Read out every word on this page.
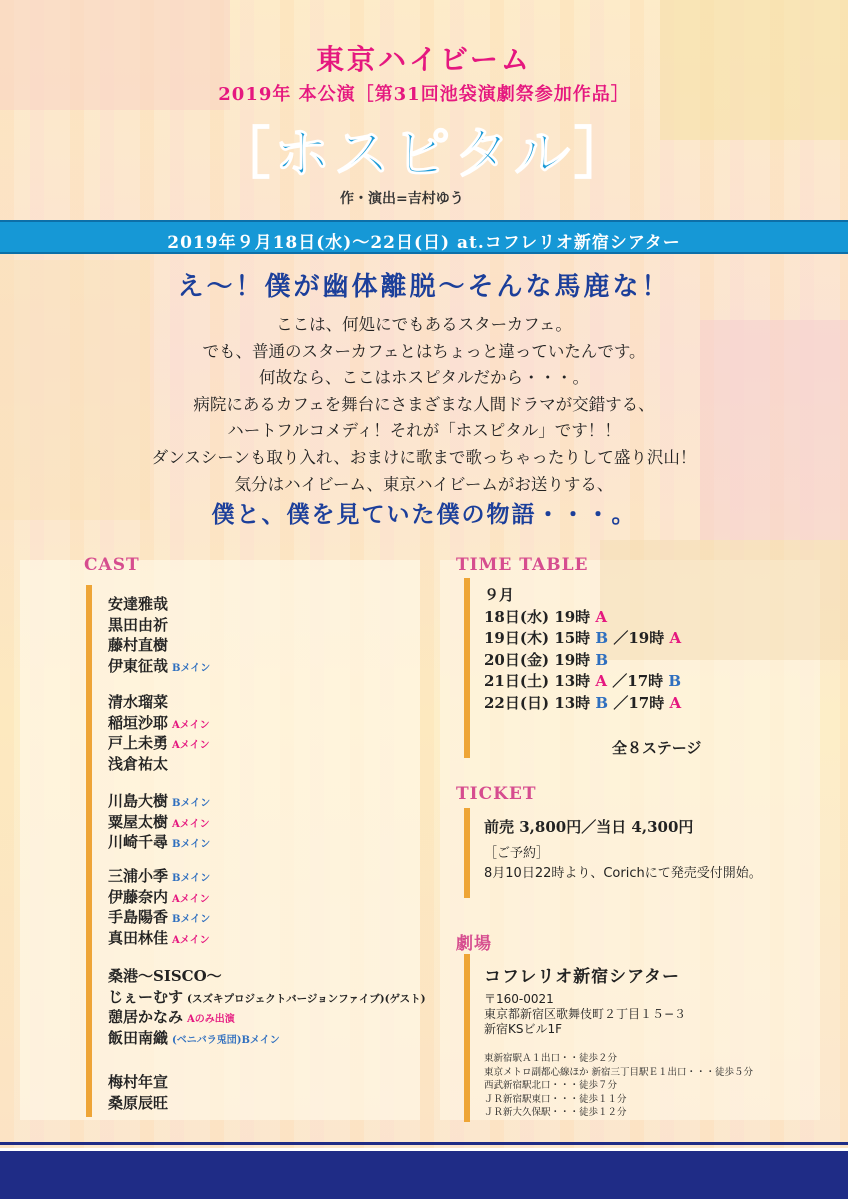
東京ハイビーム
2019年 本公演［第31回池袋演劇祭参加作品］
［ホスピタル］
作・演出=吉村ゆう
2019年９月18日(水)〜22日(日) at.コフレリオ新宿シアター
え〜！僕が幽体離脱〜そんな馬鹿な！
ここは、何処にでもあるスターカフェ。
でも、普通のスターカフェとはちょっと違っていたんです。
何故なら、ここはホスピタルだから・・・。
病院にあるカフェを舞台にさまざまな人間ドラマが交錯する、
ハートフルコメディ！それが「ホスピタル」です！！
ダンスシーンも取り入れ、おまけに歌まで歌っちゃったりして盛り沢山！
気分はハイビーム、東京ハイビームがお送りする、
僕と、僕を見ていた僕の物語・・・。
CAST
安達雅哉
黒田由祈
藤村直樹
伊東征哉 Bメイン
清水瑠菜
稲垣沙耶 Aメイン
戸上未勇 Aメイン
浅倉祐太
川島大樹 Bメイン
粟屋太樹 Aメイン
川崎千尋 Bメイン
三浦小季 Bメイン
伊藤奈内 Aメイン
手島陽香 Bメイン
真田林佳 Aメイン
桑港〜SISCO〜
じぇーむす (スズキプロジェクトバージョンファイブ)(ゲスト)
憩居かなみ Aのみ出演
飯田南織 (ベニバラ兎団)Bメイン
梅村年宣
桑原辰旺
TIME TABLE
９月
18日(水) 19時 A
19日(木) 15時 B ／19時 A
20日(金) 19時 B
21日(土) 13時 A ／17時 B
22日(日) 13時 B ／17時 A
全８ステージ
TICKET
前売 3,800円／当日 4,300円
［ご予約］
8月10日22時より、Corichにて発売受付開始。
劇場
コフレリオ新宿シアター
〒160-0021
東京都新宿区歌舞伎町２丁目１５−３
新宿KSビル1F
東新宿駅Ａ１出口・・徒歩２分
東京メトロ副都心線ほか 新宿三丁目駅Ｅ１出口・・・徒歩５分
西武新宿駅北口・・・徒歩７分
ＪＲ新宿駅東口・・・徒歩１１分
ＪＲ新大久保駅・・・徒歩１２分
